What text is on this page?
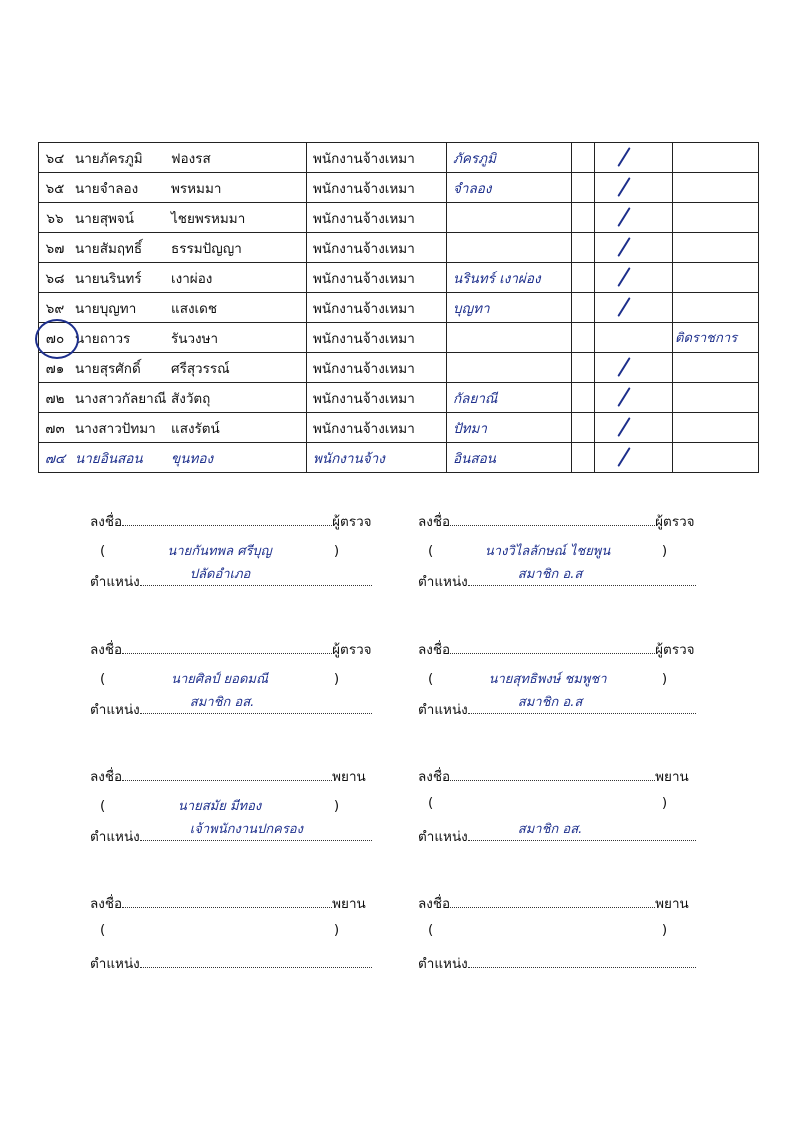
๖๔	นายภัครภูมิ ฟองรส	พนักงานจ้างเหมา	ภัครภูมิ			
๖๕	นายจำลอง พรหมมา	พนักงานจ้างเหมา	จำลอง			
๖๖	นายสุพจน์ ไชยพรหมมา	พนักงานจ้างเหมา				
๖๗	นายสัมฤทธิ์ ธรรมปัญญา	พนักงานจ้างเหมา				
๖๘	นายนรินทร์ เงาผ่อง	พนักงานจ้างเหมา	นรินทร์ เงาผ่อง			
๖๙	นายบุญทา แสงเดช	พนักงานจ้างเหมา	บุญทา			

๗๐	นายถาวร รันวงษา	พนักงานจ้างเหมา				ติดราชการ
๗๑	นายสุรศักดิ์ ศรีสุวรรณ์	พนักงานจ้างเหมา				
๗๒	นางสาวกัลยาณี สังวัตถุ	พนักงานจ้างเหมา	กัลยาณี			
๗๓	นางสาวปัทมา แสงรัตน์	พนักงานจ้างเหมา	ปัทมา			
๗๔	นายอินสอน ขุนทอง	พนักงานจ้าง	อินสอน			
ลงชื่อ	ผู้ตรวจ
(	นายกันทพล ศรีบุญ	)
ตำแหน่ง	ปลัดอำเภอ
ลงชื่อ	ผู้ตรวจ
(	นางวิไลลักษณ์ ไชยพูน	)
ตำแหน่ง	สมาชิก อ.ส
ลงชื่อ	ผู้ตรวจ
(	นายศิลป์ ยอดมณี	)
ตำแหน่ง	สมาชิก อส.
ลงชื่อ	ผู้ตรวจ
(	นายสุทธิพงษ์ ชมพูชา	)
ตำแหน่ง	สมาชิก อ.ส
ลงชื่อ	พยาน
(	นายสมัย มีทอง	)
ตำแหน่ง	เจ้าพนักงานปกครอง
ลงชื่อ	พยาน
(	)
ตำแหน่ง	สมาชิก อส.
ลงชื่อ	พยาน
(	)
ตำแหน่ง
ลงชื่อ	พยาน
(	)
ตำแหน่ง
